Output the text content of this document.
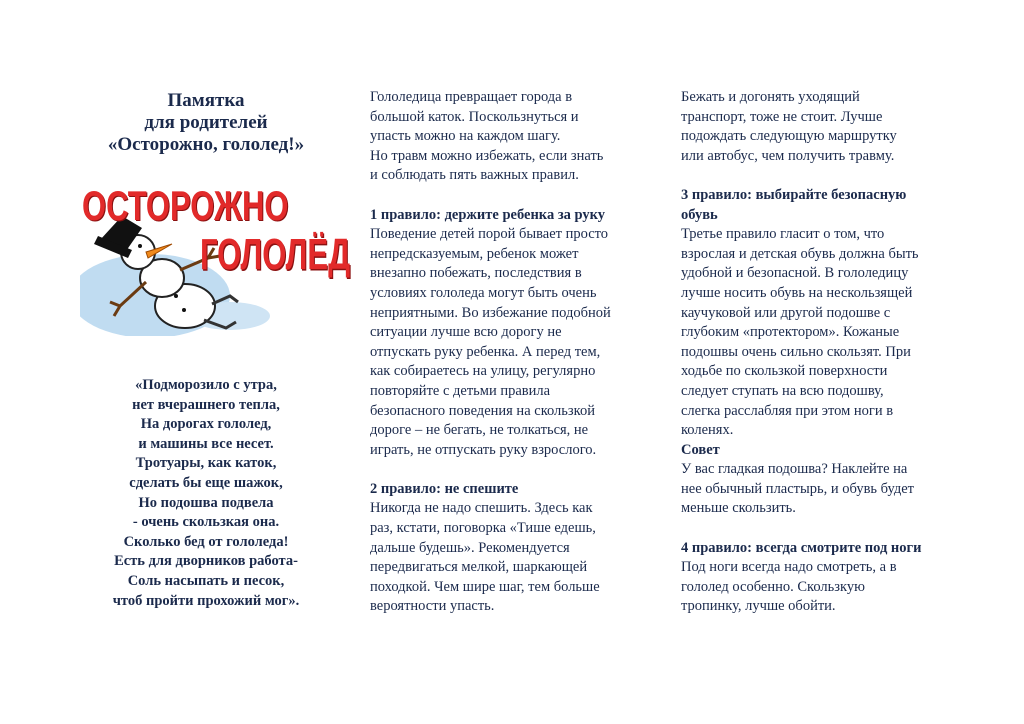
Памятка
для родителей
«Осторожно, гололед!»
ОСТОРОЖНО
ГОЛОЛЁД
«Подморозило с утра,
нет вчерашнего тепла,
На дорогах гололед,
и машины все несет.
Тротуары, как каток,
сделать бы еще шажок,
Но подошва подвела
- очень скользкая она.
Сколько бед от гололеда!
Есть для дворников работа-
Соль насыпать и песок,
чтоб пройти прохожий мог».
Гололедица превращает города в
большой каток. Поскользнуться и
упасть можно на каждом шагу.
Но травм можно избежать, если знать
и соблюдать пять важных правил.
1 правило: держите ребенка за руку
Поведение детей порой бывает просто
непредсказуемым, ребенок может
внезапно побежать, последствия в
условиях гололеда могут быть очень
неприятными. Во избежание подобной
ситуации лучше всю дорогу не
отпускать руку ребенка. А перед тем,
как собираетесь на улицу, регулярно
повторяйте с детьми правила
безопасного поведения на скользкой
дороге – не бегать, не толкаться, не
играть, не отпускать руку взрослого.
2 правило: не спешите
Никогда не надо спешить. Здесь как
раз, кстати, поговорка «Тише едешь,
дальше будешь». Рекомендуется
передвигаться мелкой, шаркающей
походкой. Чем шире шаг, тем больше
вероятности упасть.
Бежать и догонять уходящий
транспорт, тоже не стоит. Лучше
подождать следующую маршрутку
или автобус, чем получить травму.
3 правило: выбирайте безопасную
обувь
Третье правило гласит о том, что
взрослая и детская обувь должна быть
удобной и безопасной. В гололедицу
лучше носить обувь на нескользящей
каучуковой или другой подошве с
глубоким «протектором». Кожаные
подошвы очень сильно скользят. При
ходьбе по скользкой поверхности
следует ступать на всю подошву,
слегка расслабляя при этом ноги в
коленях.
Совет
У вас гладкая подошва? Наклейте на
нее обычный пластырь, и обувь будет
меньше скользить.
4 правило: всегда смотрите под ноги
Под ноги всегда надо смотреть, а в
гололед особенно. Скользкую
тропинку, лучше обойти.
